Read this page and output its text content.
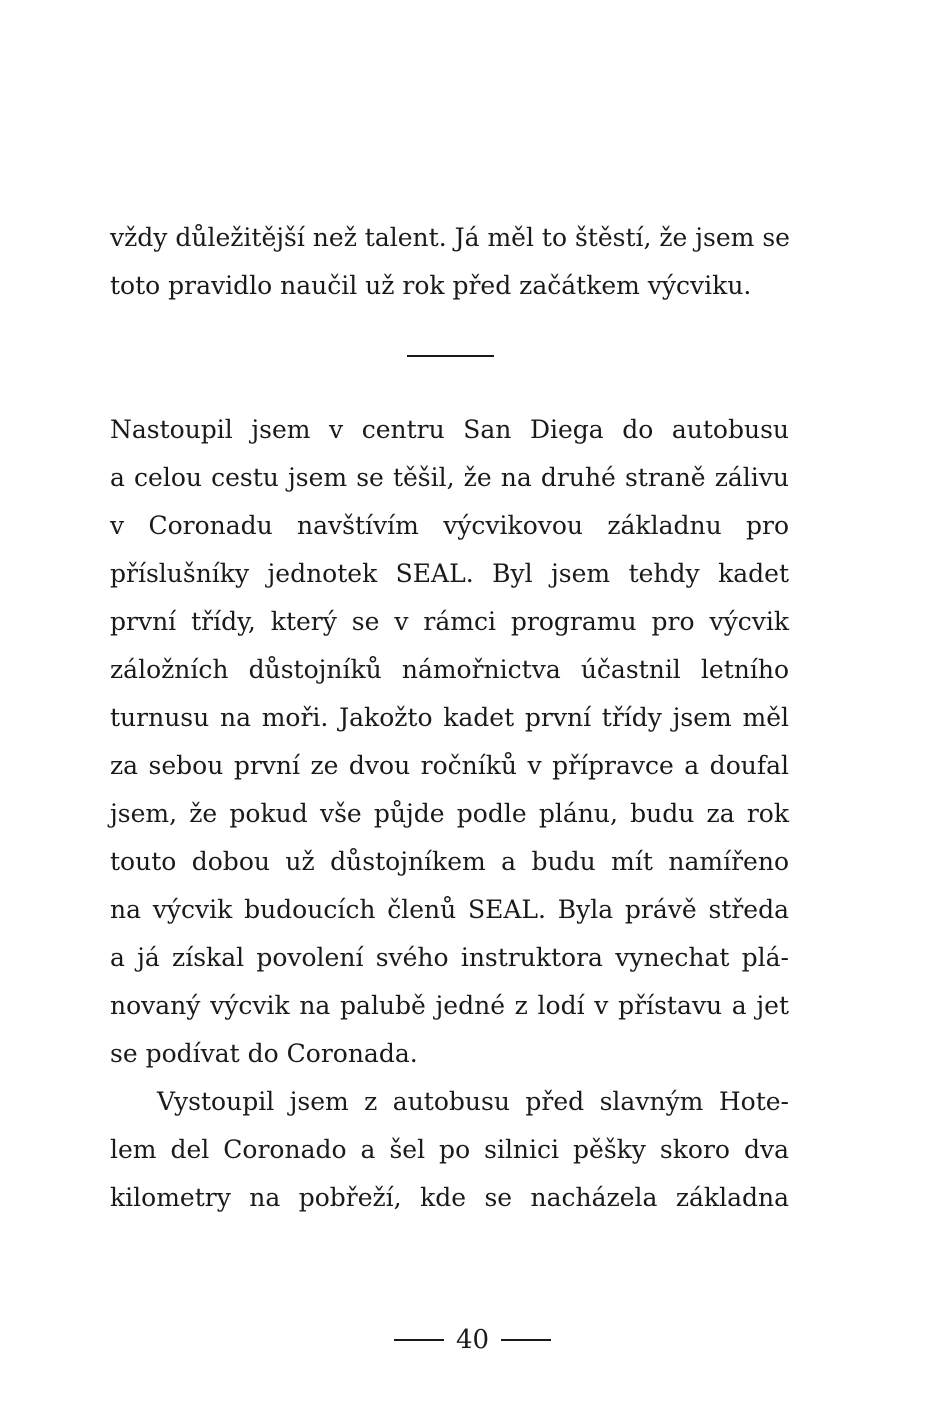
vždy důležitější než talent. Já měl to štěstí, že jsem se
toto pravidlo naučil už rok před začátkem výcviku.
Nastoupil jsem v centru San Diega do autobusu
a celou cestu jsem se těšil, že na druhé straně zálivu
v Coronadu navštívím výcvikovou základnu pro
příslušníky jednotek SEAL. Byl jsem tehdy kadet
první třídy, který se v rámci programu pro výcvik
záložních důstojníků námořnictva účastnil letního
turnusu na moři. Jakožto kadet první třídy jsem měl
za sebou první ze dvou ročníků v přípravce a doufal
jsem, že pokud vše půjde podle plánu, budu za rok
touto dobou už důstojníkem a budu mít namířeno
na výcvik budoucích členů SEAL. Byla právě středa
a já získal povolení svého instruktora vynechat plá-
novaný výcvik na palubě jedné z lodí v přístavu a jet
se podívat do Coronada.
Vystoupil jsem z autobusu před slavným Hote-
lem del Coronado a šel po silnici pěšky skoro dva
kilometry na pobřeží, kde se nacházela základna
40
